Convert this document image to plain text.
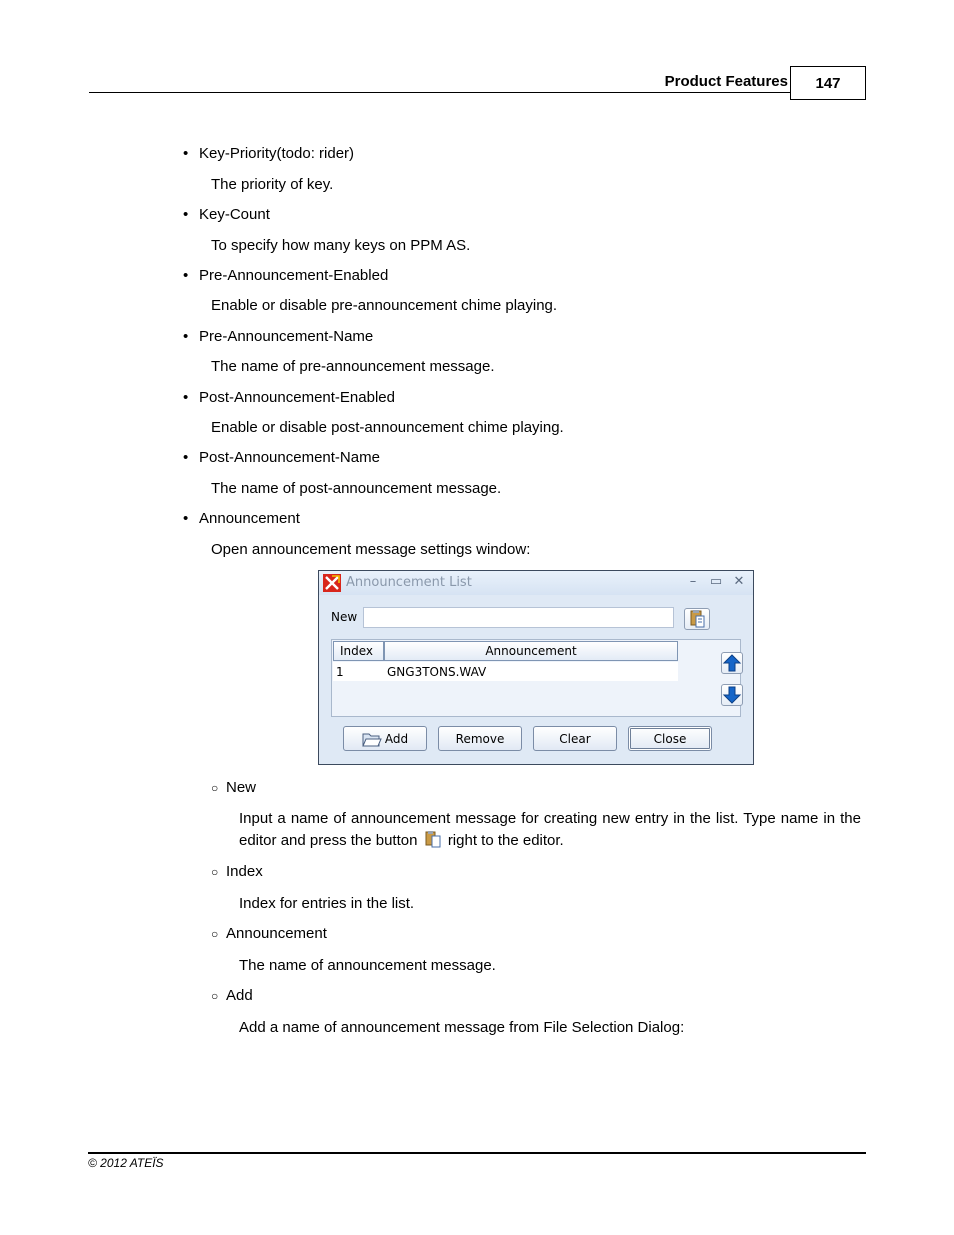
Product Features	147
• Key-Priority(todo: rider)
The priority of key.
• Key-Count
To specify how many keys on PPM AS.
• Pre-Announcement-Enabled
Enable or disable pre-announcement chime playing.
• Pre-Announcement-Name
The name of pre-announcement message.
• Post-Announcement-Enabled
Enable or disable post-announcement chime playing.
• Post-Announcement-Name
The name of post-announcement message.
• Announcement
Open announcement message settings window:
Announcement List	–	▭ ✕
New
Index	Announcement
1	GNG3TONS.WAV
Add	Remove	Clear	Close
○ New
Input a name of announcement message for creating new entry in the list. Type name in the editor and press the button right to the editor.
○ Index
Index for entries in the list.
○ Announcement
The name of announcement message.
○ Add
Add a name of announcement message from File Selection Dialog:
© 2012 ATEÏS
